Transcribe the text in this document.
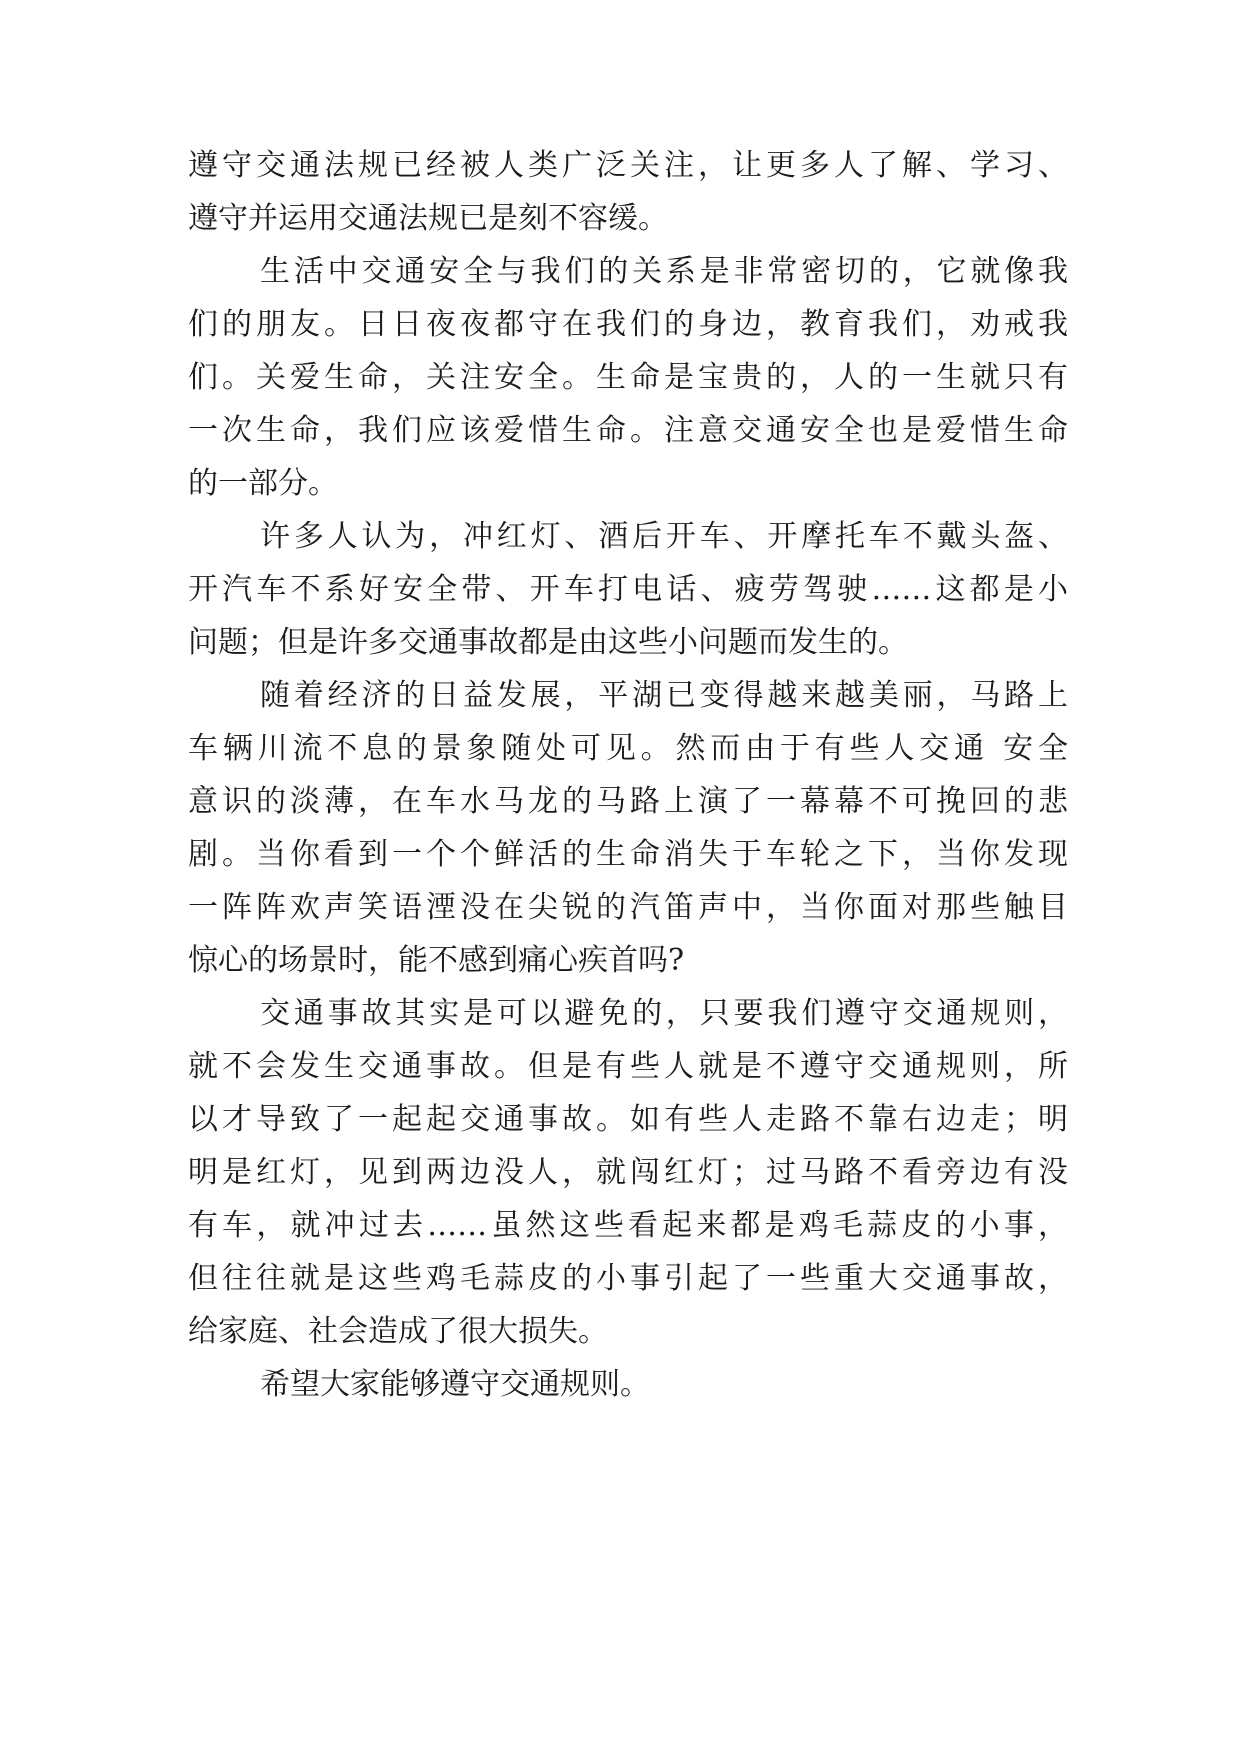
遵守交通法规已经被人类广泛关注，让更多人了解、学习、
遵守并运用交通法规已是刻不容缓。
生活中交通安全与我们的关系是非常密切的，它就像我
们的朋友。日日夜夜都守在我们的身边，教育我们，劝戒我
们。关爱生命，关注安全。生命是宝贵的，人的一生就只有
一次生命，我们应该爱惜生命。注意交通安全也是爱惜生命
的一部分。
许多人认为，冲红灯、酒后开车、开摩托车不戴头盔、
开汽车不系好安全带、开车打电话、疲劳驾驶……这都是小
问题；但是许多交通事故都是由这些小问题而发生的。
随着经济的日益发展，平湖已变得越来越美丽，马路上
车辆川流不息的景象随处可见。然而由于有些人交通 安全
意识的淡薄，在车水马龙的马路上演了一幕幕不可挽回的悲
剧。当你看到一个个鲜活的生命消失于车轮之下，当你发现
一阵阵欢声笑语湮没在尖锐的汽笛声中，当你面对那些触目
惊心的场景时，能不感到痛心疾首吗?
交通事故其实是可以避免的，只要我们遵守交通规则，
就不会发生交通事故。但是有些人就是不遵守交通规则，所
以才导致了一起起交通事故。如有些人走路不靠右边走；明
明是红灯，见到两边没人，就闯红灯；过马路不看旁边有没
有车，就冲过去……虽然这些看起来都是鸡毛蒜皮的小事，
但往往就是这些鸡毛蒜皮的小事引起了一些重大交通事故，
给家庭、社会造成了很大损失。
希望大家能够遵守交通规则。
